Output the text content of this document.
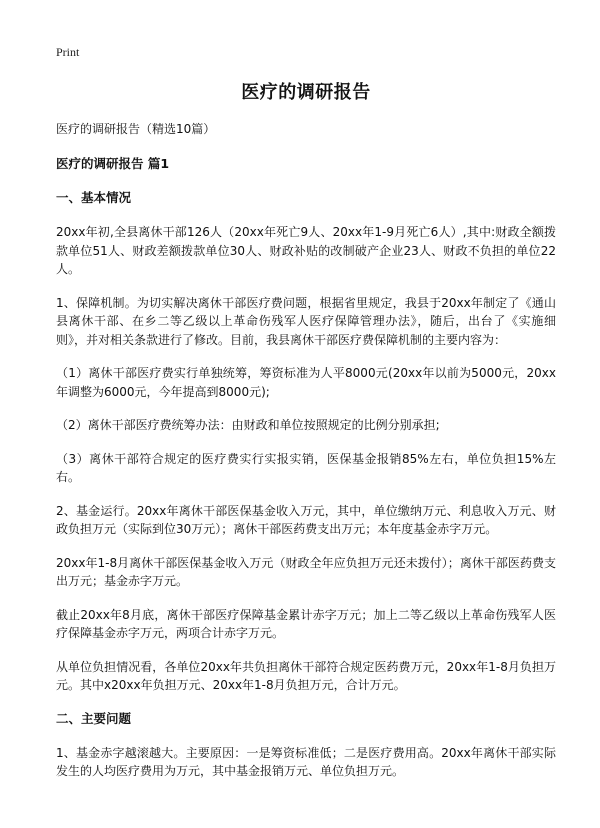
Print
医疗的调研报告
医疗的调研报告（精选10篇）
医疗的调研报告 篇1
一、基本情况
20xx年初,全县离休干部126人（20xx年死亡9人、20xx年1-9月死亡6人）,其中:财政全额拨款单位51人、财政差额拨款单位30人、财政补贴的改制破产企业23人、财政不负担的单位22人。
1、保障机制。为切实解决离休干部医疗费问题，根据省里规定，我县于20xx年制定了《通山县离休干部、在乡二等乙级以上革命伤残军人医疗保障管理办法》，随后，出台了《实施细则》，并对相关条款进行了修改。目前，我县离休干部医疗费保障机制的主要内容为：
（1）离休干部医疗费实行单独统筹，筹资标准为人平8000元(20xx年以前为5000元，20xx年调整为6000元，今年提高到8000元);
（2）离休干部医疗费统筹办法：由财政和单位按照规定的比例分别承担;
（3）离休干部符合规定的医疗费实行实报实销，医保基金报销85%左右，单位负担15%左右。
2、基金运行。20xx年离休干部医保基金收入万元，其中，单位缴纳万元、利息收入万元、财政负担万元（实际到位30万元）；离休干部医药费支出万元；本年度基金赤字万元。
20xx年1-8月离休干部医保基金收入万元（财政全年应负担万元还未拨付）；离休干部医药费支出万元；基金赤字万元。
截止20xx年8月底，离休干部医疗保障基金累计赤字万元；加上二等乙级以上革命伤残军人医疗保障基金赤字万元，两项合计赤字万元。
从单位负担情况看，各单位20xx年共负担离休干部符合规定医药费万元，20xx年1-8月负担万元。其中x20xx年负担万元、20xx年1-8月负担万元，合计万元。
二、主要问题
1、基金赤字越滚越大。主要原因：一是筹资标准低；二是医疗费用高。20xx年离休干部实际发生的人均医疗费用为万元，其中基金报销万元、单位负担万元。
